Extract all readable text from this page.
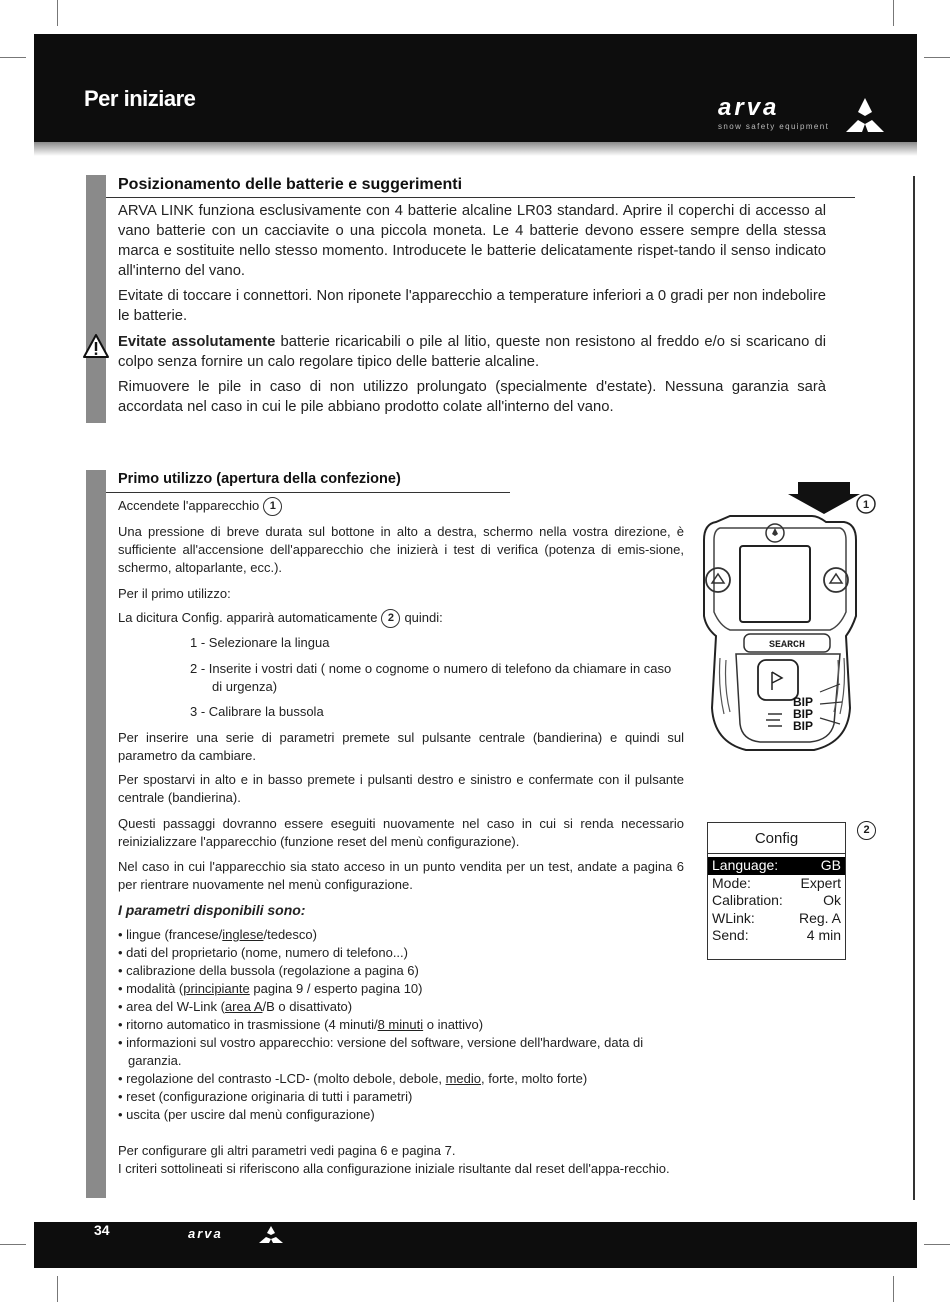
Per iniziare	arva
snow safety equipment
Posizionamento delle batterie e suggerimenti

ARVA LINK funziona esclusivamente con 4 batterie alcaline LR03 standard. Aprire il coperchi di accesso al vano batterie con un cacciavite o una piccola moneta. Le 4 batterie devono essere sempre della stessa marca e sostituite nello stesso momento. Introducete le batterie delicatamente rispet-tando il senso indicato all'interno del vano.

Evitate di toccare i connettori. Non riponete l'apparecchio a temperature inferiori a 0 gradi per non indebolire le batterie.

Evitate assolutamente batterie ricaricabili o pile al litio, queste non resistono al freddo e/o si scaricano di colpo senza fornire un calo regolare tipico delle batterie alcaline.

Rimuovere le pile in caso di non utilizzo prolungato (specialmente d'estate). Nessuna garanzia sarà accordata nel caso in cui le pile abbiano prodotto colate all'interno del vano.

Primo utilizzo (apertura della confezione)

Accendete l'apparecchio 1

Una pressione di breve durata sul bottone in alto a destra, schermo nella vostra direzione, è sufficiente all'accensione dell'apparecchio che inizierà i test di verifica (potenza di emis-sione, schermo, altoparlante, ecc.).

Per il primo utilizzo:

La dicitura Config. apparirà automaticamente 2 quindi:

1 - Selezionare la lingua

2 - Inserite i vostri dati ( nome o cognome o numero di telefono da chiamare in caso di urgenza)

3 - Calibrare la bussola

Per inserire una serie di parametri premete sul pulsante centrale (bandierina) e quindi sul parametro da cambiare.

Per spostarvi in alto e in basso premete i pulsanti destro e sinistro e confermate con il pulsante centrale (bandierina).

Questi passaggi dovranno essere eseguiti nuovamente nel caso in cui si renda necessario reinizializzare l'apparecchio (funzione reset del menù configurazione).

Nel caso in cui l'apparecchio sia stato acceso in un punto vendita per un test, andate a pagina 6 per rientrare nuovamente nel menù configurazione.

I parametri disponibili sono:

• lingue (francese/inglese/tedesco)
• dati del proprietario (nome, numero di telefono...)
• calibrazione della bussola (regolazione a pagina 6)
• modalità (principiante pagina 9 / esperto pagina 10)
• area del W-Link (area A/B o disattivato)
• ritorno automatico in trasmissione (4 minuti/8 minuti o inattivo)
• informazioni sul vostro apparecchio: versione del software, versione dell'hardware, data di garanzia.
• regolazione del contrasto -LCD- (molto debole, debole, medio, forte, molto forte)
• reset (configurazione originaria di tutti i parametri)
• uscita (per uscire dal menù configurazione)

Per configurare gli altri parametri vedi pagina 6 e pagina 7.

I criteri sottolineati si riferiscono alla configurazione iniziale risultante dal reset dell'appa-recchio.

1
SEARCH
BIP
BIP
BIP
2
Config
Language:	GB
Mode:	Expert
Calibration:	Ok
WLink:	Reg. A
Send:	4 min
34	arva
